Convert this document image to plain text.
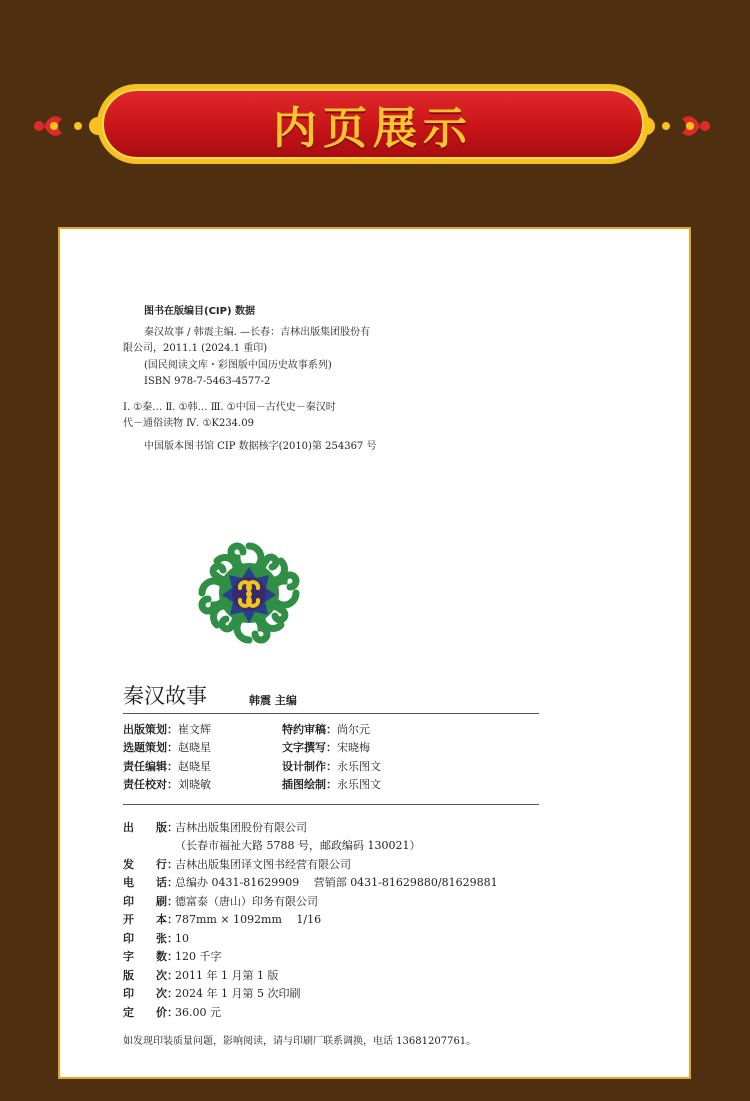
内页展示
图书在版编目(CIP) 数据
秦汉故事 / 韩震主编. —长春：吉林出版集团股份有
限公司，2011.1 (2024.1 重印)
(国民阅读文库・彩图版中国历史故事系列)
ISBN 978-7-5463-4577-2
Ⅰ. ①秦… Ⅱ. ①韩… Ⅲ. ①中国－古代史－秦汉时
代－通俗读物 Ⅳ. ①K234.09
中国版本图书馆 CIP 数据核字(2010)第 254367 号
秦汉故事	韩震 主编
出版策划：崔文辉
选题策划：赵晓星
责任编辑：赵晓星
责任校对：刘晓敏
特约审稿：尚尔元
文字撰写：宋晓梅
设计制作：永乐图文
插图绘制：永乐图文
出　　版：吉林出版集团股份有限公司
（长春市福祉大路 5788 号，邮政编码 130021）
发　　行：吉林出版集团译文图书经营有限公司
电　　话：总编办 0431-81629909　 营销部 0431-81629880/81629881
印　　刷：德富泰（唐山）印务有限公司
开　　本：787mm × 1092mm　 1/16
印　　张：10
字　　数：120 千字
版　　次：2011 年 1 月第 1 版
印　　次：2024 年 1 月第 5 次印刷
定　　价：36.00 元
如发现印装质量问题，影响阅读，请与印刷厂联系调换，电话 13681207761。
